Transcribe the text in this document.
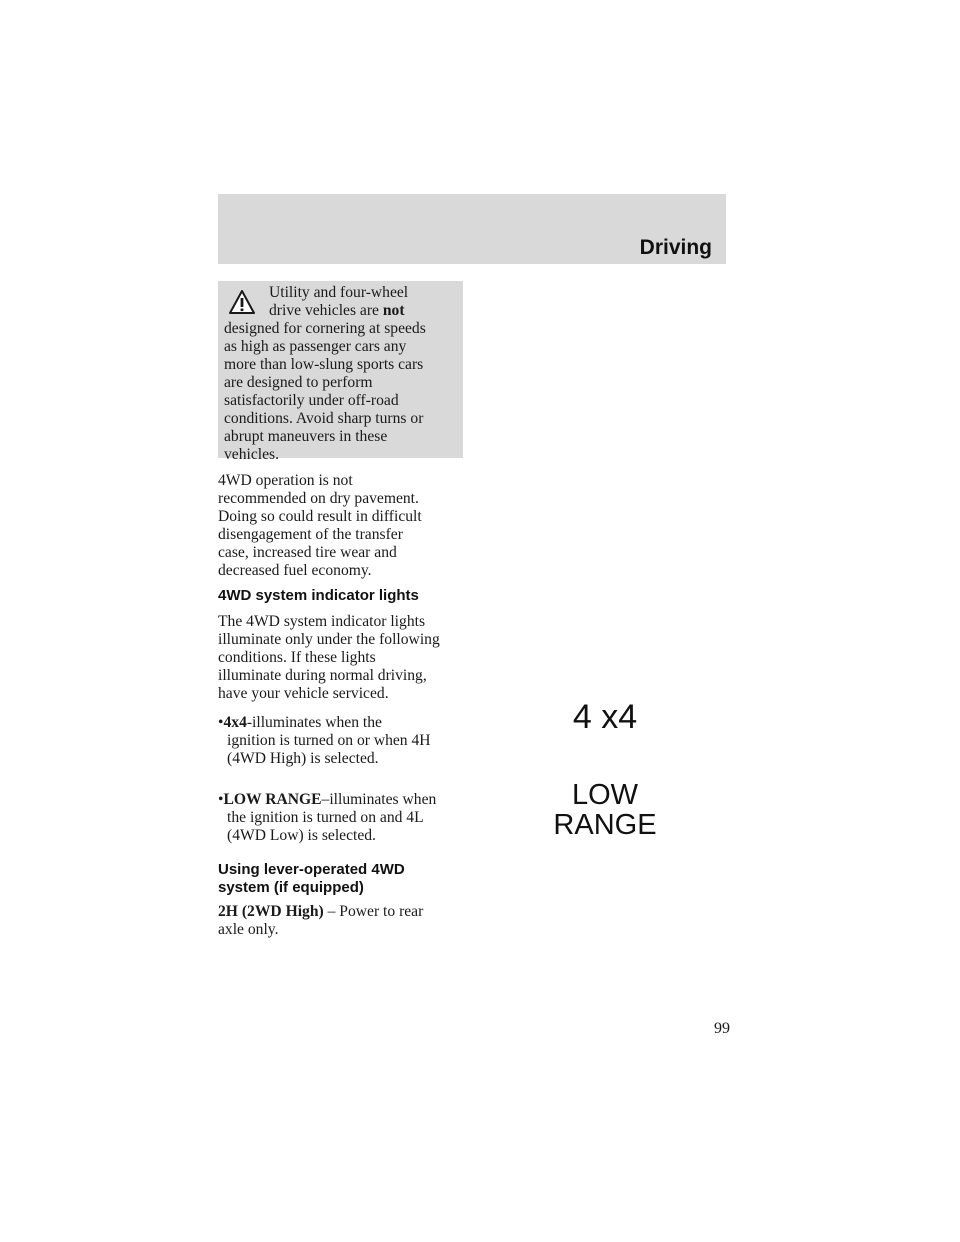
Driving
Utility and four-wheel
drive vehicles are not
designed for cornering at speeds
as high as passenger cars any
more than low-slung sports cars
are designed to perform
satisfactorily under off-road
conditions. Avoid sharp turns or
abrupt maneuvers in these
vehicles.
4WD operation is not
recommended on dry pavement.
Doing so could result in difficult
disengagement of the transfer
case, increased tire wear and
decreased fuel economy.
4WD system indicator lights
The 4WD system indicator lights
illuminate only under the following
conditions. If these lights
illuminate during normal driving,
have your vehicle serviced.
•4x4-illuminates when the
ignition is turned on or when 4H
(4WD High) is selected.
•LOW RANGE–illuminates when
the ignition is turned on and 4L
(4WD Low) is selected.
Using lever-operated 4WD
system (if equipped)
2H (2WD High) – Power to rear
axle only.
4 x4
LOW
RANGE
99
